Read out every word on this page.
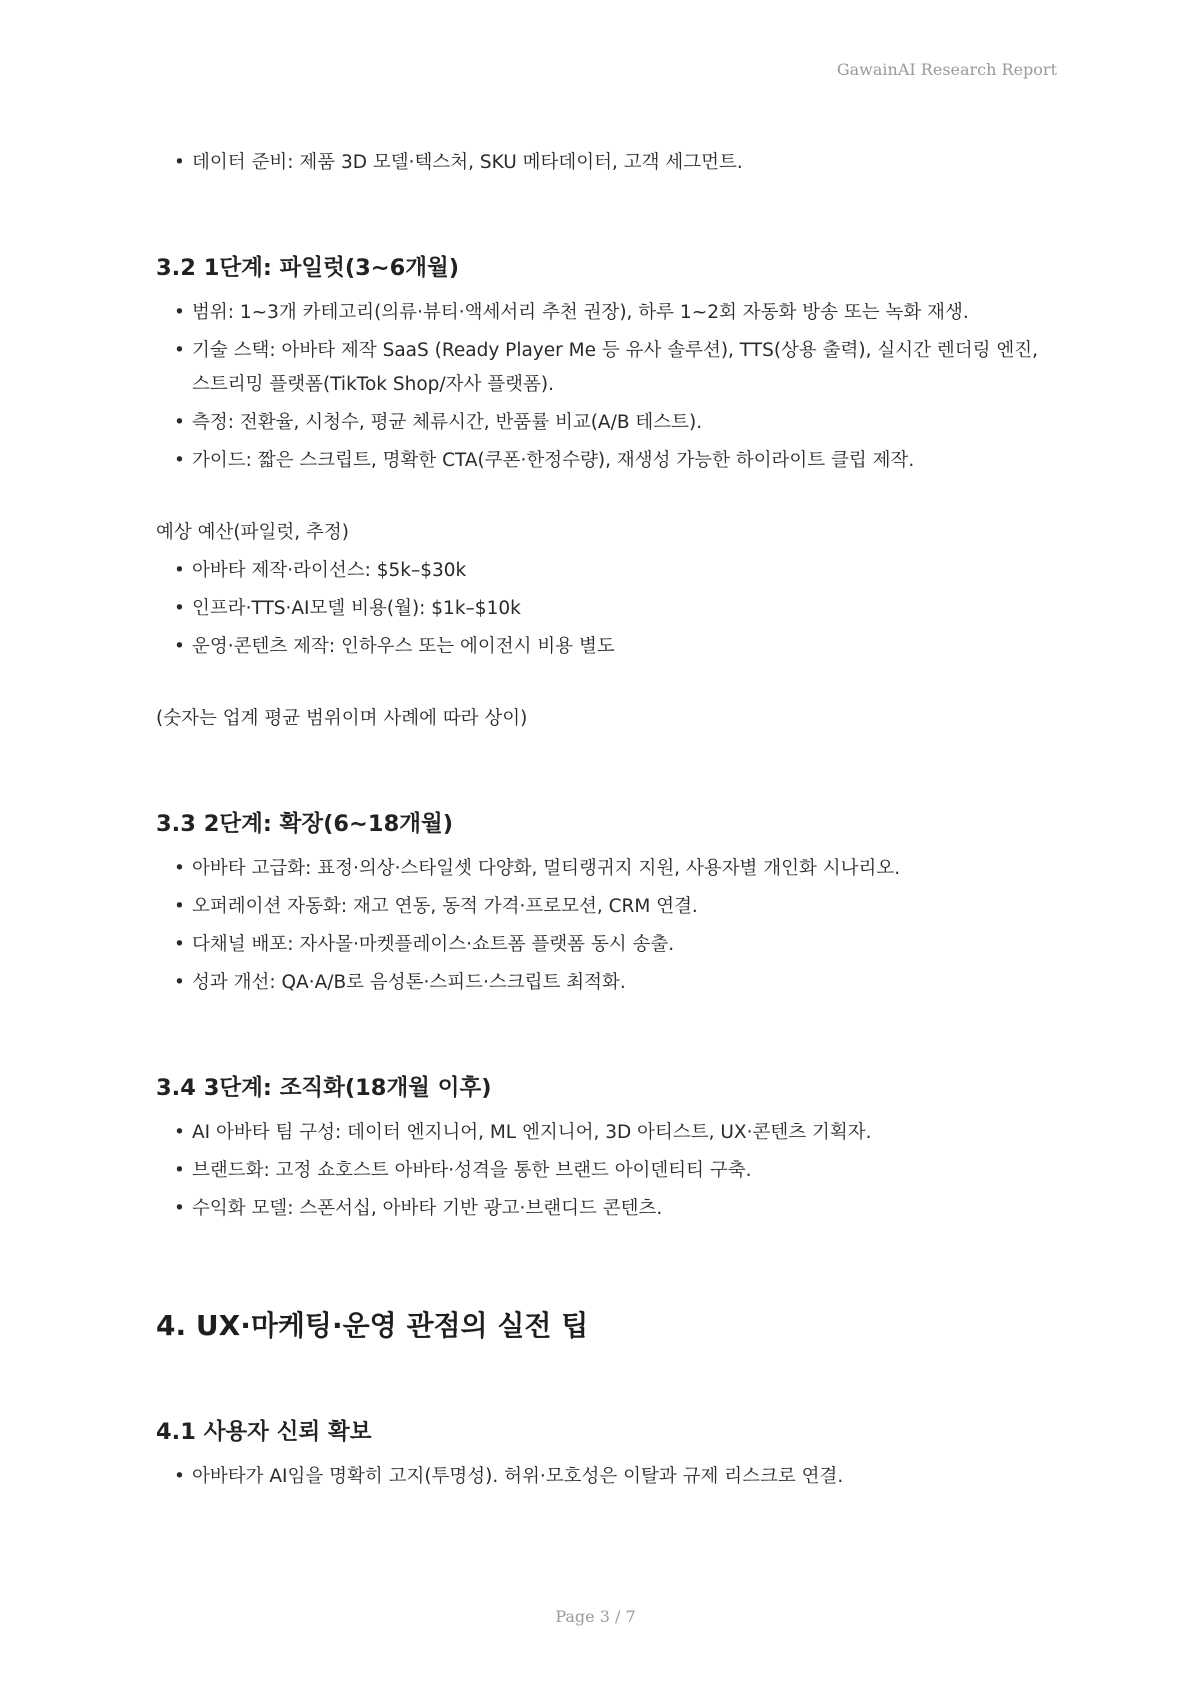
GawainAI Research Report
• 데이터 준비: 제품 3D 모델·텍스처, SKU 메타데이터, 고객 세그먼트.
3.2 1단계: 파일럿(3~6개월)
• 범위: 1~3개 카테고리(의류·뷰티·액세서리 추천 권장), 하루 1~2회 자동화 방송 또는 녹화 재생.
• 기술 스택: 아바타 제작 SaaS (Ready Player Me 등 유사 솔루션), TTS(상용 출력), 실시간 렌더링 엔진, 스트리밍 플랫폼(TikTok Shop/자사 플랫폼).
• 측정: 전환율, 시청수, 평균 체류시간, 반품률 비교(A/B 테스트).
• 가이드: 짧은 스크립트, 명확한 CTA(쿠폰·한정수량), 재생성 가능한 하이라이트 클립 제작.

예상 예산(파일럿, 추정)

• 아바타 제작·라이선스: $5k–$30k
• 인프라·TTS·AI모델 비용(월): $1k–$10k
• 운영·콘텐츠 제작: 인하우스 또는 에이전시 비용 별도

(숫자는 업계 평균 범위이며 사례에 따라 상이)

3.3 2단계: 확장(6~18개월)
• 아바타 고급화: 표정·의상·스타일셋 다양화, 멀티랭귀지 지원, 사용자별 개인화 시나리오.
• 오퍼레이션 자동화: 재고 연동, 동적 가격·프로모션, CRM 연결.
• 다채널 배포: 자사몰·마켓플레이스·쇼트폼 플랫폼 동시 송출.
• 성과 개선: QA·A/B로 음성톤·스피드·스크립트 최적화.
3.4 3단계: 조직화(18개월 이후)
• AI 아바타 팀 구성: 데이터 엔지니어, ML 엔지니어, 3D 아티스트, UX·콘텐츠 기획자.
• 브랜드화: 고정 쇼호스트 아바타·성격을 통한 브랜드 아이덴티티 구축.
• 수익화 모델: 스폰서십, 아바타 기반 광고·브랜디드 콘텐츠.
4. UX·마케팅·운영 관점의 실전 팁
4.1 사용자 신뢰 확보
• 아바타가 AI임을 명확히 고지(투명성). 허위·모호성은 이탈과 규제 리스크로 연결.
Page 3 / 7
